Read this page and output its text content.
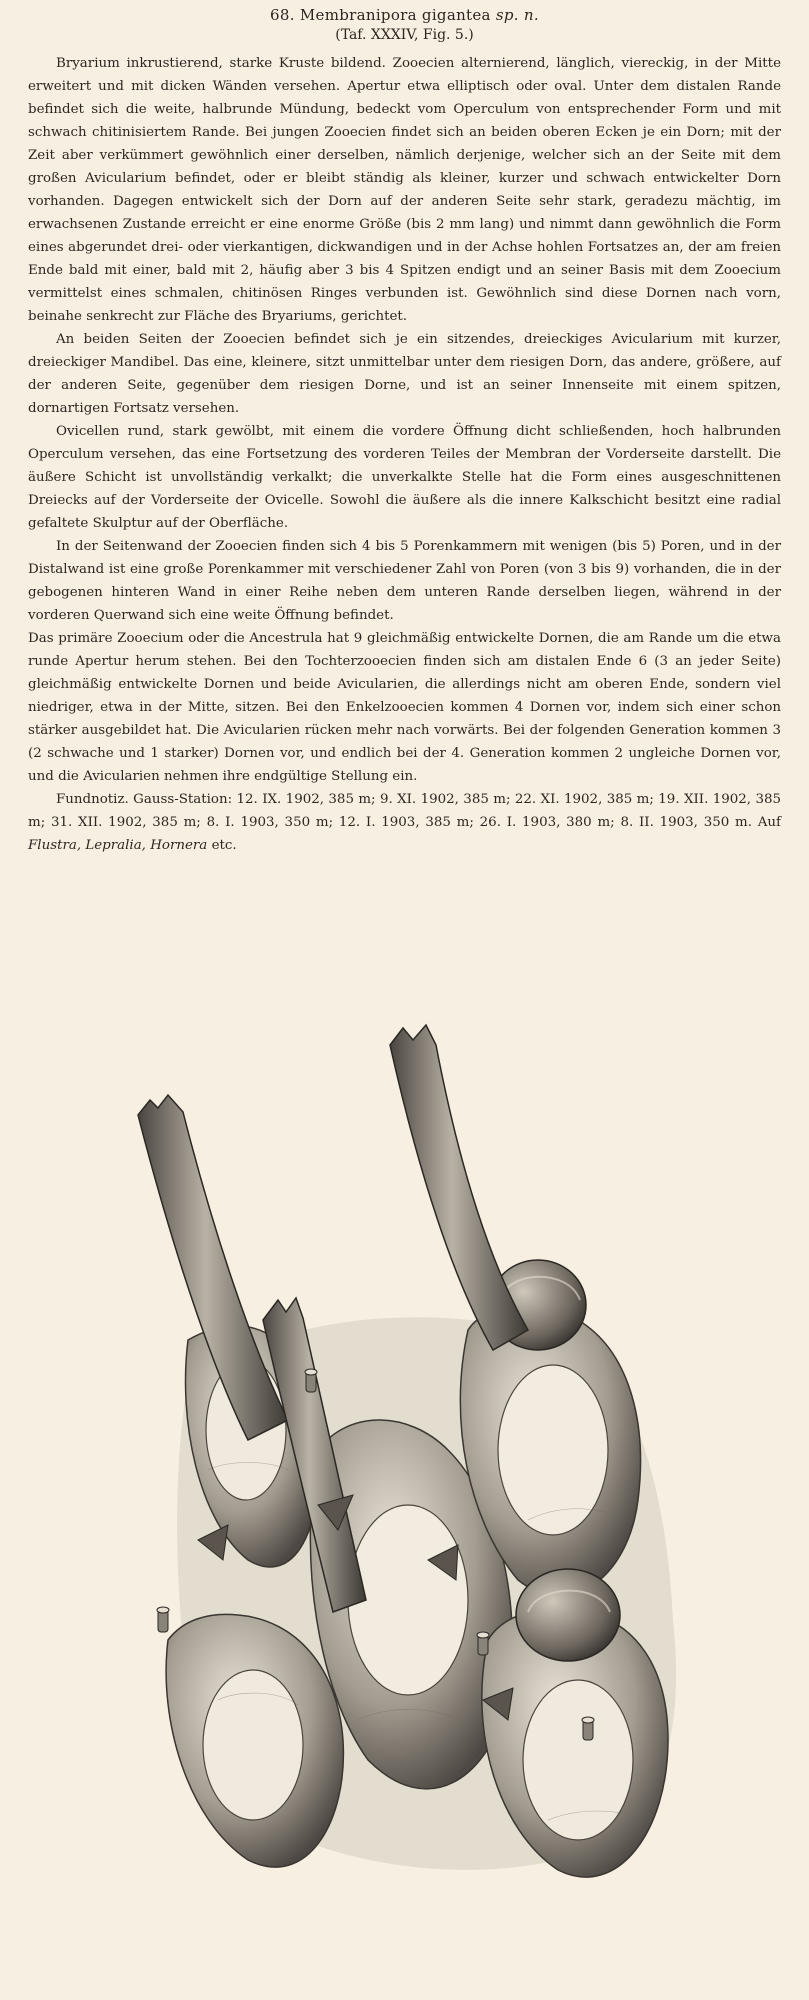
68. Membranipora gigantea sp. n.
(Taf. XXXIV, Fig. 5.)

Bryarium inkrustierend, starke Kruste bildend. Zooecien alternierend, länglich, viereckig, in der Mitte erweitert und mit dicken Wänden versehen. Apertur etwa elliptisch oder oval. Unter dem distalen Rande befindet sich die weite, halbrunde Mündung, bedeckt vom Operculum von entsprechender Form und mit schwach chitinisiertem Rande. Bei jungen Zooecien findet sich an beiden oberen Ecken je ein Dorn; mit der Zeit aber verkümmert gewöhnlich einer derselben, nämlich derjenige, welcher sich an der Seite mit dem großen Avicularium befindet, oder er bleibt ständig als kleiner, kurzer und schwach entwickelter Dorn vorhanden. Dagegen entwickelt sich der Dorn auf der anderen Seite sehr stark, geradezu mächtig, im erwachsenen Zustande erreicht er eine enorme Größe (bis 2 mm lang) und nimmt dann gewöhnlich die Form eines abgerundet drei- oder vierkantigen, dickwandigen und in der Achse hohlen Fortsatzes an, der am freien Ende bald mit einer, bald mit 2, häufig aber 3 bis 4 Spitzen endigt und an seiner Basis mit dem Zooecium vermittelst eines schmalen, chitinösen Ringes verbunden ist. Gewöhnlich sind diese Dornen nach vorn, beinahe senkrecht zur Fläche des Bryariums, gerichtet.

An beiden Seiten der Zooecien befindet sich je ein sitzendes, dreieckiges Avicularium mit kurzer, dreieckiger Mandibel. Das eine, kleinere, sitzt unmittelbar unter dem riesigen Dorn, das andere, größere, auf der anderen Seite, gegenüber dem riesigen Dorne, und ist an seiner Innenseite mit einem spitzen, dornartigen Fortsatz versehen.

Ovicellen rund, stark gewölbt, mit einem die vordere Öffnung dicht schließenden, hoch halbrunden Operculum versehen, das eine Fortsetzung des vorderen Teiles der Membran der Vorderseite darstellt. Die äußere Schicht ist unvollständig verkalkt; die unverkalkte Stelle hat die Form eines ausgeschnittenen Dreiecks auf der Vorderseite der Ovicelle. Sowohl die äußere als die innere Kalkschicht besitzt eine radial gefaltete Skulptur auf der Oberfläche.

In der Seitenwand der Zooecien finden sich 4 bis 5 Porenkammern mit wenigen (bis 5) Poren, und in der Distalwand ist eine große Porenkammer mit verschiedener Zahl von Poren (von 3 bis 9) vorhanden, die in der gebogenen hinteren Wand in einer Reihe neben dem unteren Rande derselben liegen, während in der vorderen Querwand sich eine weite Öffnung befindet.

Das primäre Zooecium oder die Ancestrula hat 9 gleichmäßig entwickelte Dornen, die am Rande um die etwa runde Apertur herum stehen. Bei den Tochterzooecien finden sich am distalen Ende 6 (3 an jeder Seite) gleichmäßig entwickelte Dornen und beide Avicularien, die allerdings nicht am oberen Ende, sondern viel niedriger, etwa in der Mitte, sitzen. Bei den Enkelzooecien kommen 4 Dornen vor, indem sich einer schon stärker ausgebildet hat. Die Avicularien rücken mehr nach vorwärts. Bei der folgenden Generation kommen 3 (2 schwache und 1 starker) Dornen vor, und endlich bei der 4. Generation kommen 2 ungleiche Dornen vor, und die Avicularien nehmen ihre endgültige Stellung ein.

Fundnotiz. Gauss-Station: 12. IX. 1902, 385 m; 9. XI. 1902, 385 m; 22. XI. 1902, 385 m; 19. XII. 1902, 385 m; 31. XII. 1902, 385 m; 8. I. 1903, 350 m; 12. I. 1903, 385 m; 26. I. 1903, 380 m; 8. II. 1903, 350 m. Auf Flustra, Lepralia, Hornera etc.
